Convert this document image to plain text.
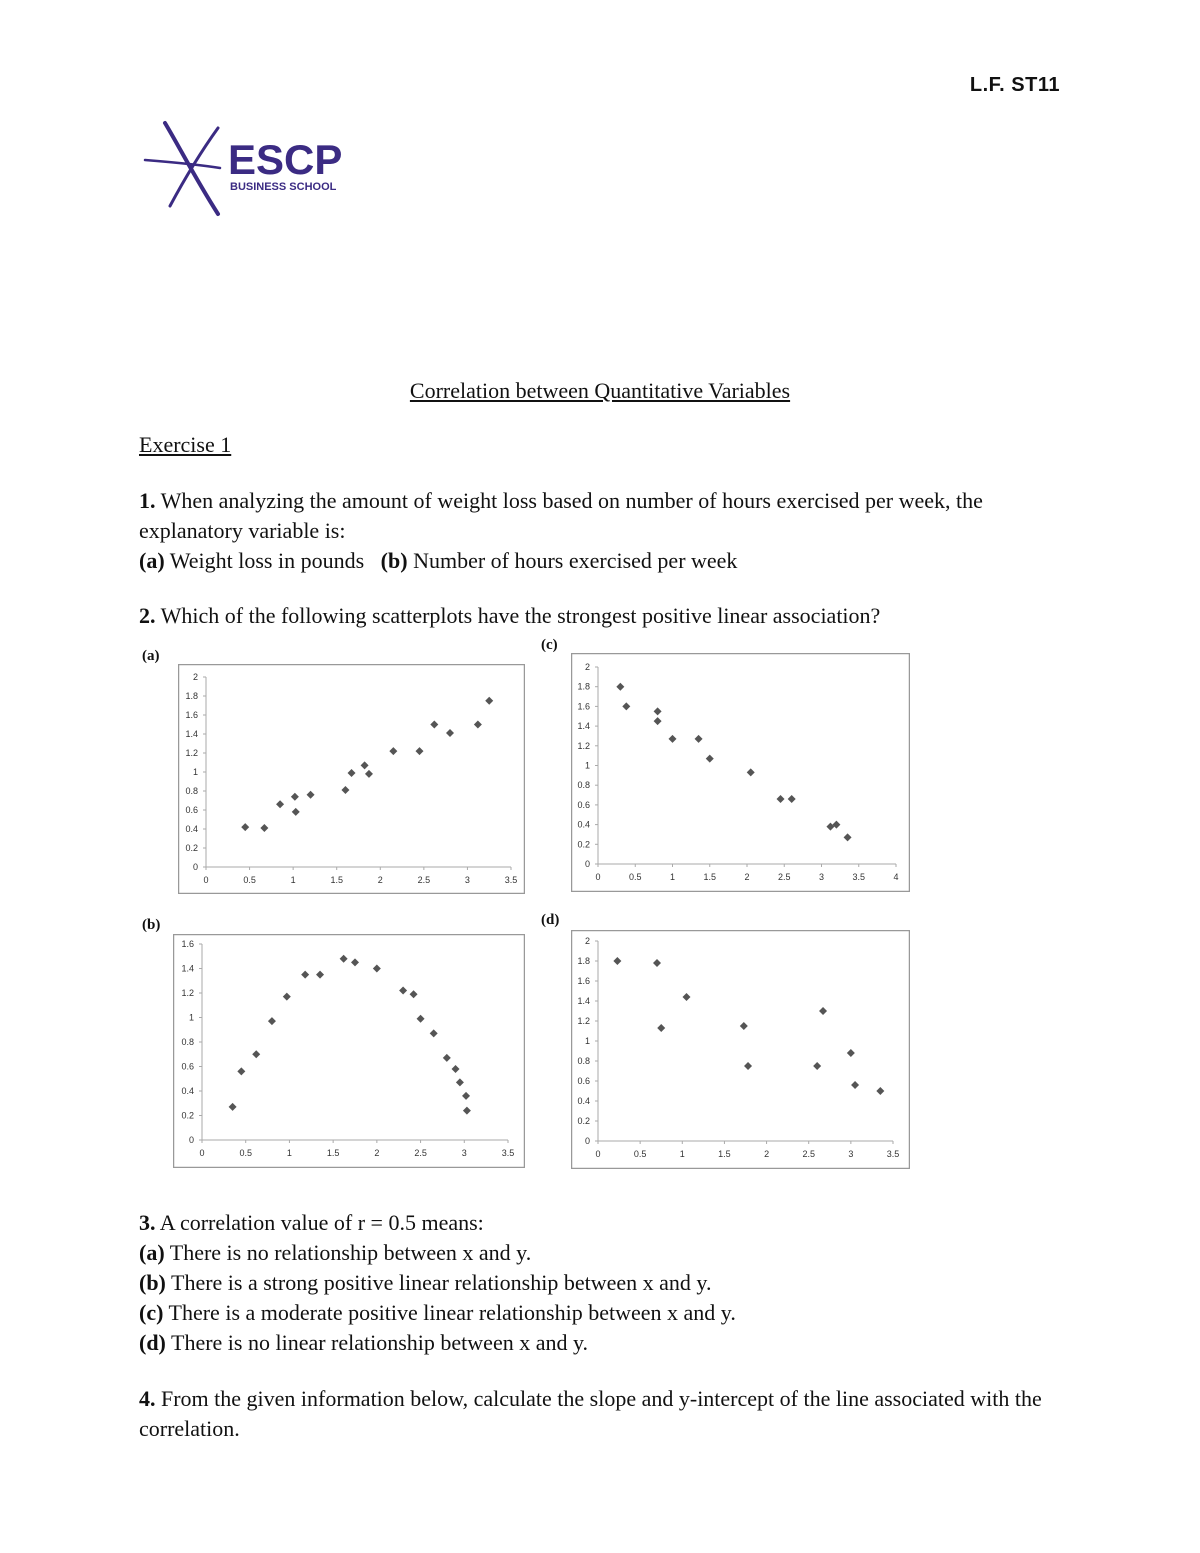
L.F. ST11
ESCP
BUSINESS SCHOOL
Correlation between Quantitative Variables
Exercise 1
1. When analyzing the amount of weight loss based on number of hours exercised per week, the explanatory variable is:
(a) Weight loss in pounds (b) Number of hours exercised per week
2. Which of the following scatterplots have the strongest positive linear association?
(a)
(c)
(b)	(d)
0
0.2
0.4
0.6
0.8
1
1.2
1.4
1.6
1.8
2
0	0.5	1	1.5	2	2.5	3	3.5
0
0.2
0.4
0.6
0.8
1
1.2
1.4
1.6
1.8
2
0	0.5	1	1.5	2	2.5	3	3.5	4
0
0.2
0.4
0.6
0.8
1
1.2
1.4
1.6
0	0.5	1	1.5	2	2.5	3	3.5
0
0.2
0.4
0.6
0.8
1
1.2
1.4
1.6
1.8
2
0	0.5	1	1.5	2	2.5	3	3.5
3. A correlation value of r = 0.5 means:
(a) There is no relationship between x and y.
(b) There is a strong positive linear relationship between x and y.
(c) There is a moderate positive linear relationship between x and y.
(d) There is no linear relationship between x and y.
4. From the given information below, calculate the slope and y-intercept of the line associated with the correlation.
